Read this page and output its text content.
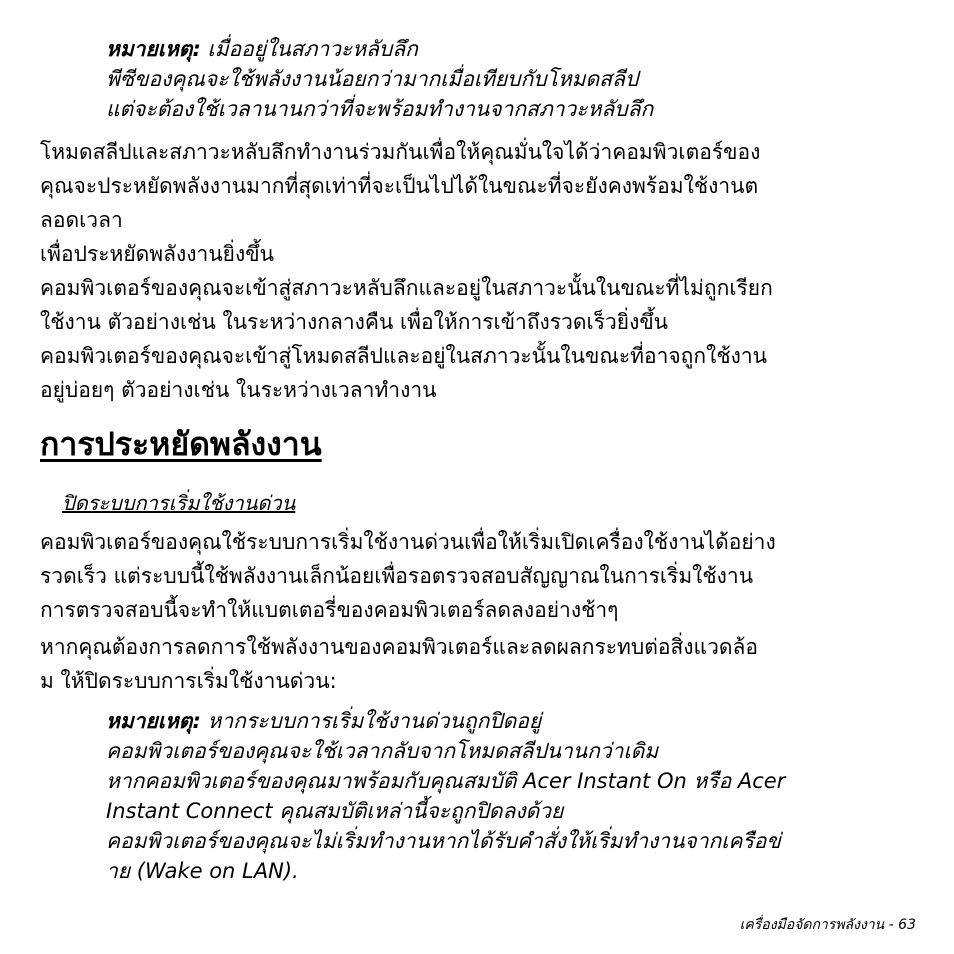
หมายเหตุ: เมื่ออยู่ในสภาวะหลับลึก
พีซีของคุณจะใช้พลังงานน้อยกว่ามากเมื่อเทียบกับโหมดสลีป
แต่จะต้องใช้เวลานานกว่าที่จะพร้อมทำงานจากสภาวะหลับลึก
โหมดสลีปและสภาวะหลับลึกทำงานร่วมกันเพื่อให้คุณมั่นใจได้ว่าคอมพิวเตอร์ของ
คุณจะประหยัดพลังงานมากที่สุดเท่าที่จะเป็นไปได้ในขณะที่จะยังคงพร้อมใช้งานต
ลอดเวลา
เพื่อประหยัดพลังงานยิ่งขึ้น
คอมพิวเตอร์ของคุณจะเข้าสู่สภาวะหลับลึกและอยู่ในสภาวะนั้นในขณะที่ไม่ถูกเรียก
ใช้งาน ตัวอย่างเช่น ในระหว่างกลางคืน เพื่อให้การเข้าถึงรวดเร็วยิ่งขึ้น
คอมพิวเตอร์ของคุณจะเข้าสู่โหมดสลีปและอยู่ในสภาวะนั้นในขณะที่อาจถูกใช้งาน
อยู่บ่อยๆ ตัวอย่างเช่น ในระหว่างเวลาทำงาน
การประหยัดพลังงาน
ปิดระบบการเริ่มใช้งานด่วน
คอมพิวเตอร์ของคุณใช้ระบบการเริ่มใช้งานด่วนเพื่อให้เริ่มเปิดเครื่องใช้งานได้อย่าง
รวดเร็ว แต่ระบบนี้ใช้พลังงานเล็กน้อยเพื่อรอตรวจสอบสัญญาณในการเริ่มใช้งาน
การตรวจสอบนี้จะทำให้แบตเตอรี่ของคอมพิวเตอร์ลดลงอย่างช้าๆ
หากคุณต้องการลดการใช้พลังงานของคอมพิวเตอร์และลดผลกระทบต่อสิ่งแวดล้อ
ม ให้ปิดระบบการเริ่มใช้งานด่วน:
หมายเหตุ: หากระบบการเริ่มใช้งานด่วนถูกปิดอยู่
คอมพิวเตอร์ของคุณจะใช้เวลากลับจากโหมดสลีปนานกว่าเดิม
หากคอมพิวเตอร์ของคุณมาพร้อมกับคุณสมบัติ Acer Instant On หรือ Acer
Instant Connect คุณสมบัติเหล่านี้จะถูกปิดลงด้วย
คอมพิวเตอร์ของคุณจะไม่เริ่มทำงานหากได้รับคำสั่งให้เริ่มทำงานจากเครือข่
าย (Wake on LAN).
เครื่องมือจัดการพลังงาน - 63
